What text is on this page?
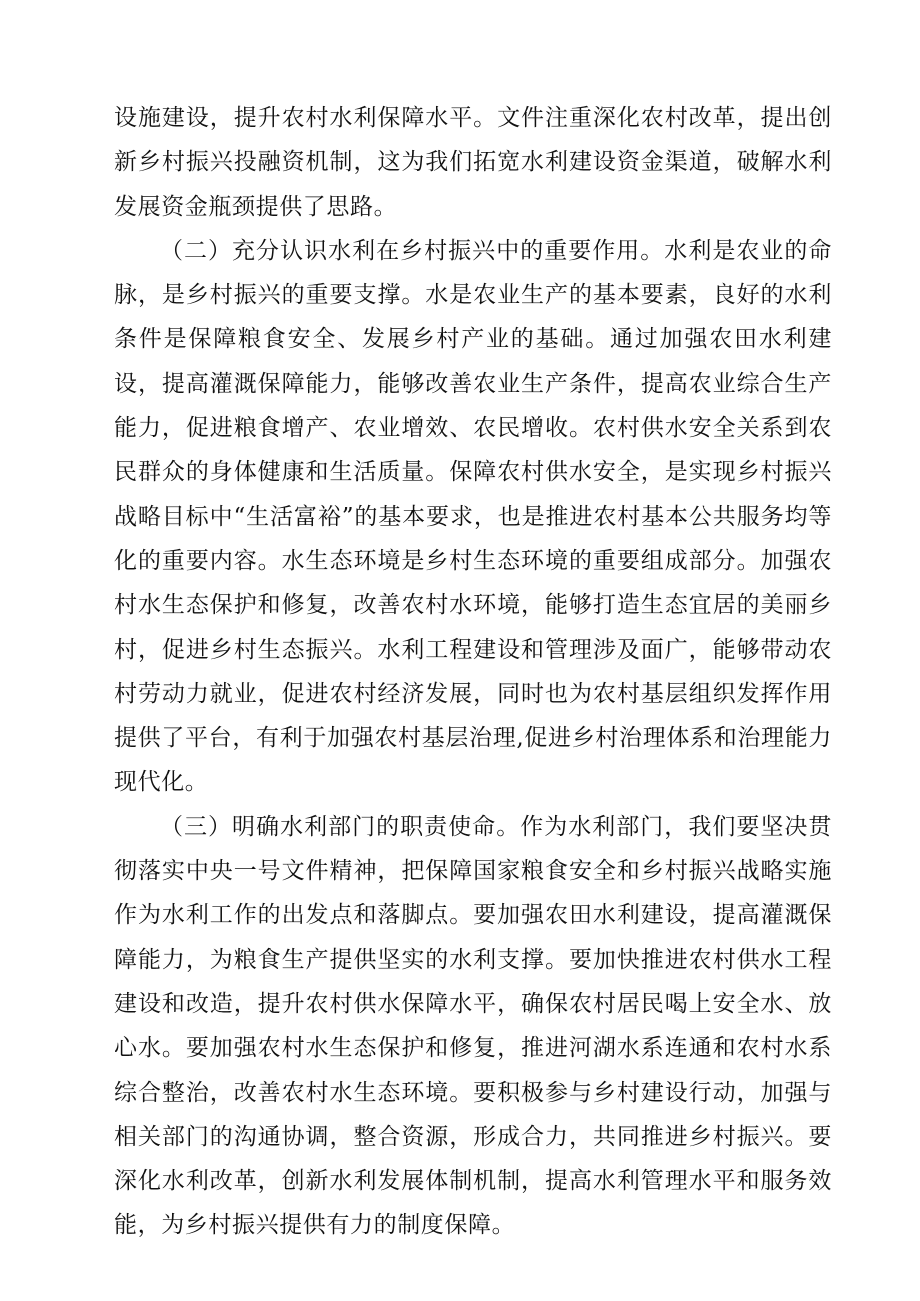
设施建设，提升农村水利保障水平。文件注重深化农村改革，提出创新乡村振兴投融资机制，这为我们拓宽水利建设资金渠道，破解水利发展资金瓶颈提供了思路。

（二）充分认识水利在乡村振兴中的重要作用。水利是农业的命脉，是乡村振兴的重要支撑。水是农业生产的基本要素，良好的水利条件是保障粮食安全、发展乡村产业的基础。通过加强农田水利建设，提高灌溉保障能力，能够改善农业生产条件，提高农业综合生产能力，促进粮食增产、农业增效、农民增收。农村供水安全关系到农民群众的身体健康和生活质量。保障农村供水安全，是实现乡村振兴战略目标中“生活富裕”的基本要求，也是推进农村基本公共服务均等化的重要内容。水生态环境是乡村生态环境的重要组成部分。加强农村水生态保护和修复，改善农村水环境，能够打造生态宜居的美丽乡村，促进乡村生态振兴。水利工程建设和管理涉及面广，能够带动农村劳动力就业，促进农村经济发展，同时也为农村基层组织发挥作用提供了平台，有利于加强农村基层治理,促进乡村治理体系和治理能力现代化。

（三）明确水利部门的职责使命。作为水利部门，我们要坚决贯彻落实中央一号文件精神，把保障国家粮食安全和乡村振兴战略实施作为水利工作的出发点和落脚点。要加强农田水利建设，提高灌溉保障能力，为粮食生产提供坚实的水利支撑。要加快推进农村供水工程建设和改造，提升农村供水保障水平，确保农村居民喝上安全水、放心水。要加强农村水生态保护和修复，推进河湖水系连通和农村水系综合整治，改善农村水生态环境。要积极参与乡村建设行动，加强与相关部门的沟通协调，整合资源，形成合力，共同推进乡村振兴。要深化水利改革，创新水利发展体制机制，提高水利管理水平和服务效能，为乡村振兴提供有力的制度保障。
